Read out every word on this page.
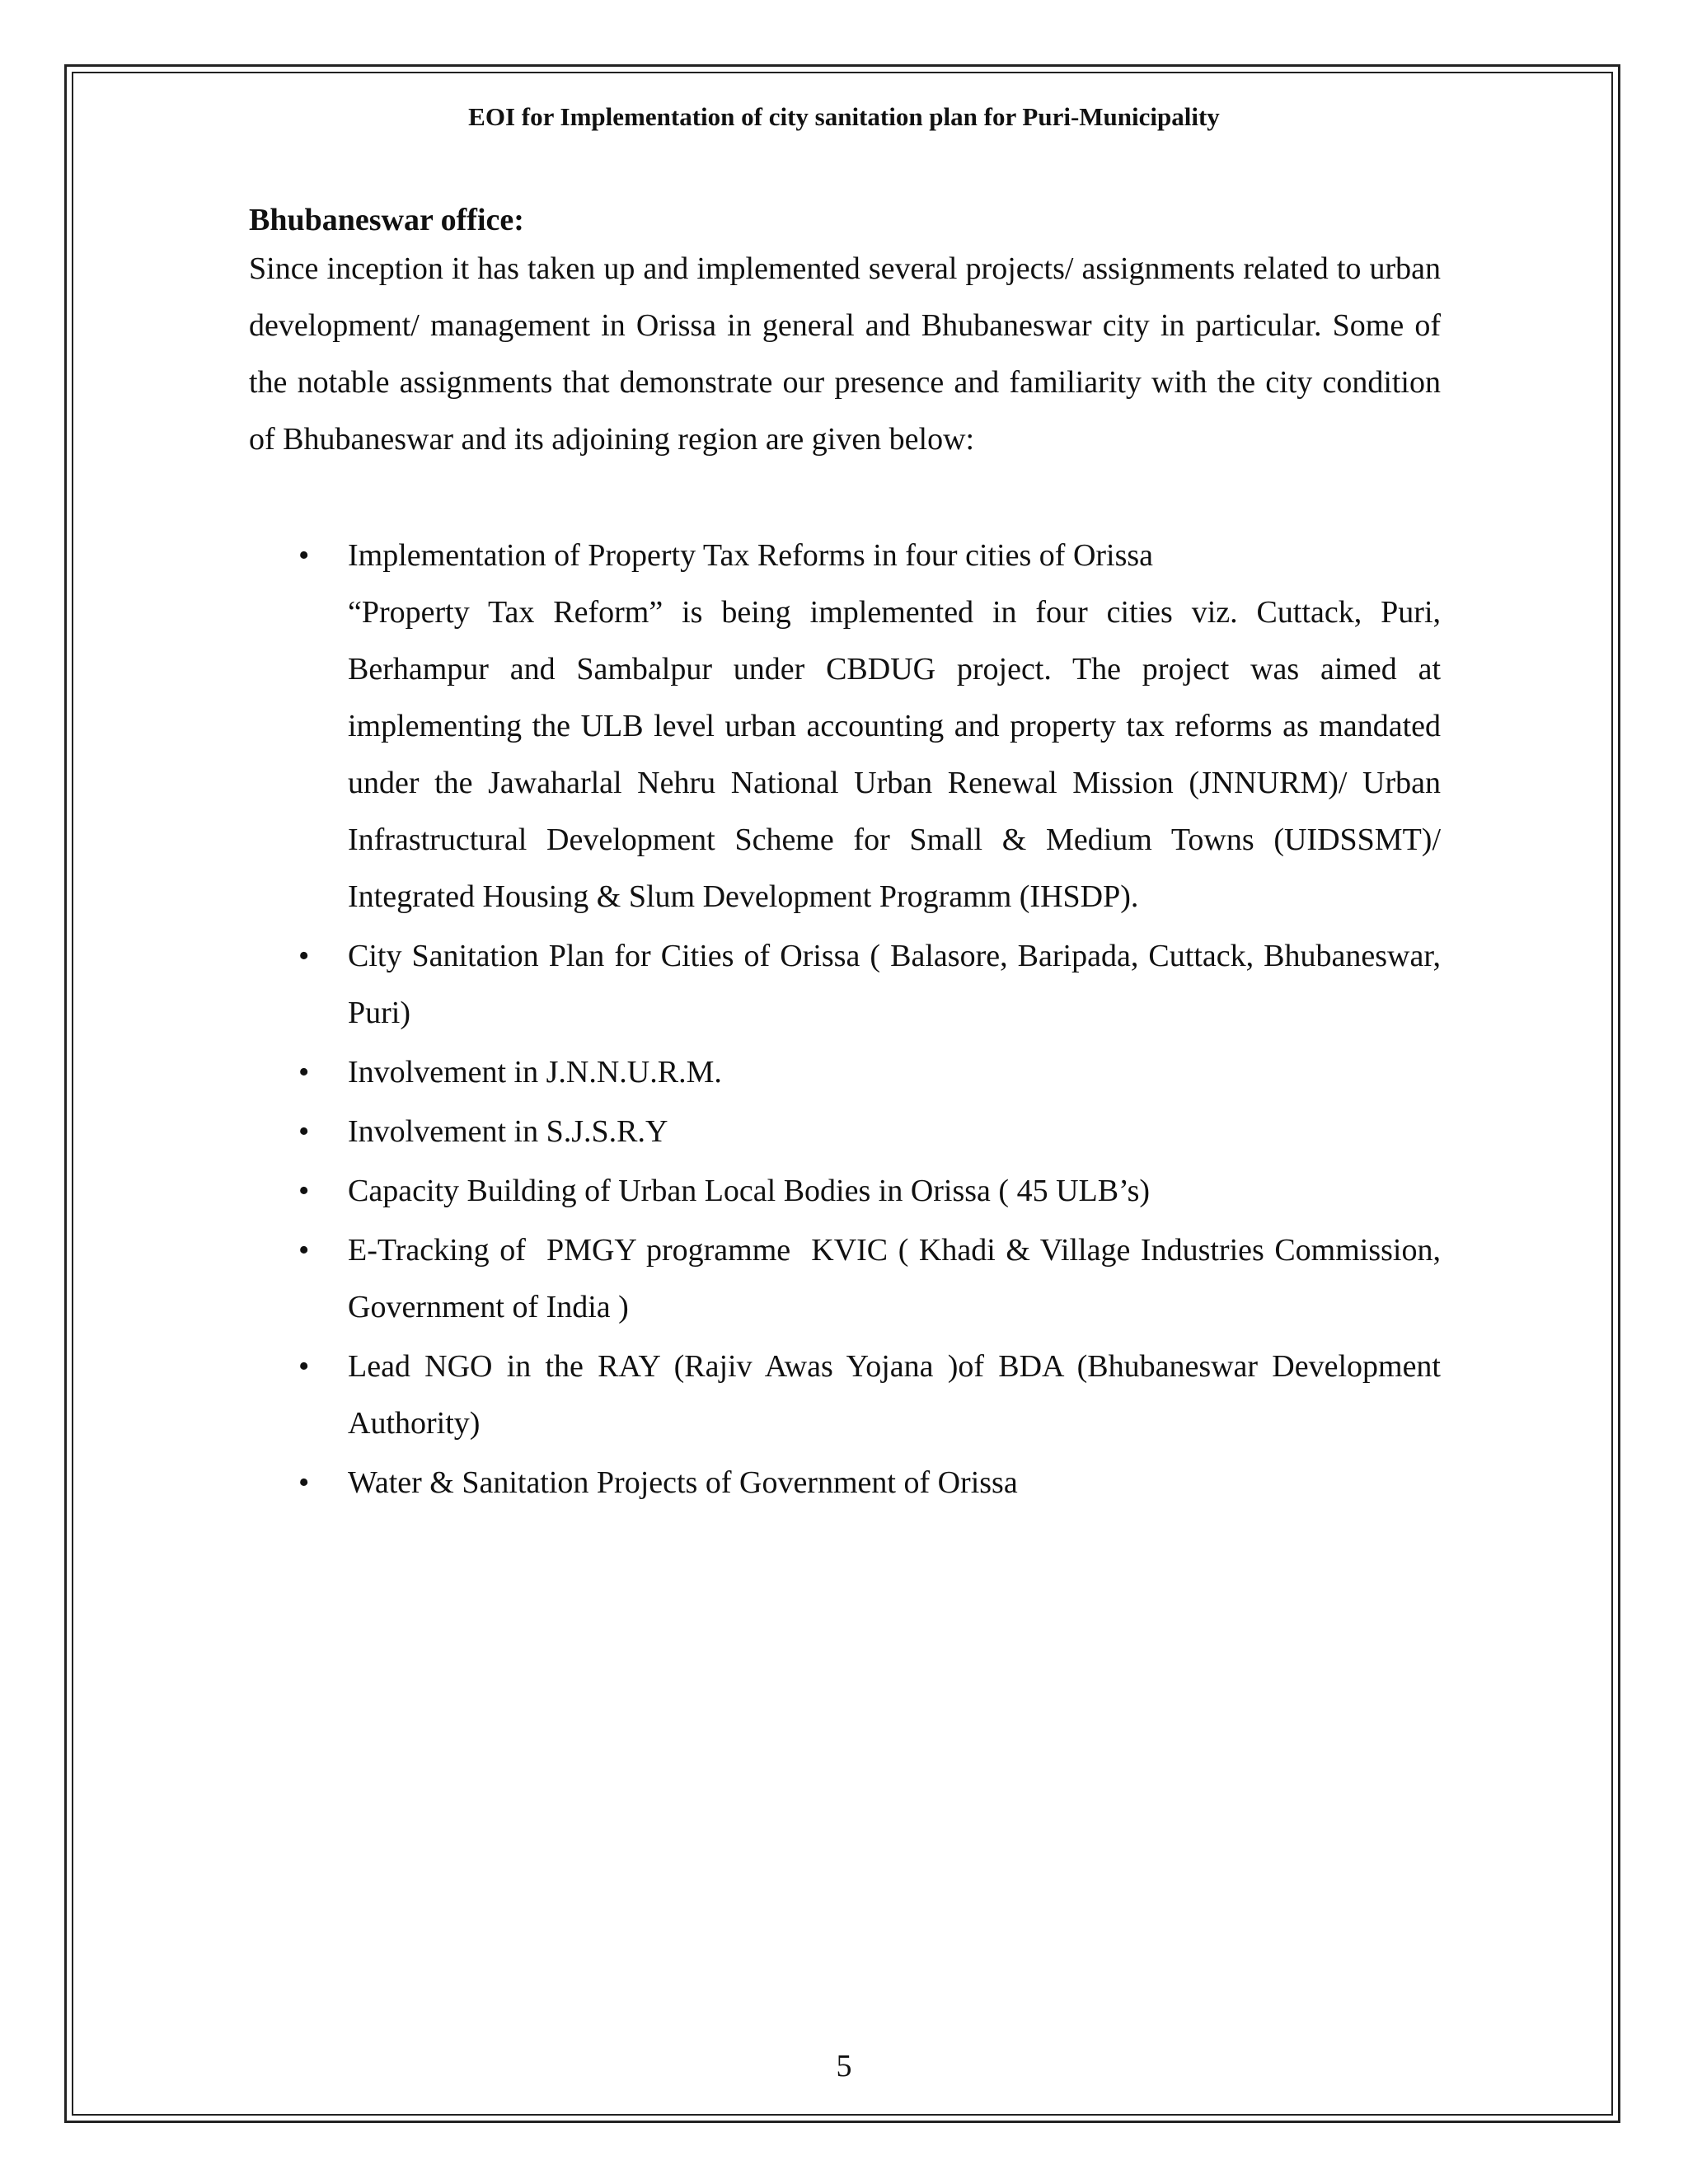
EOI for Implementation of city sanitation plan for Puri-Municipality

Bhubaneswar office:

Since inception it has taken up and implemented several projects/ assignments related to urban development/ management in Orissa in general and Bhubaneswar city in particular. Some of the notable assignments that demonstrate our presence and familiarity with the city condition of Bhubaneswar and its adjoining region are given below:

• Implementation of Property Tax Reforms in four cities of Orissa
“Property Tax Reform” is being implemented in four cities viz. Cuttack, Puri, Berhampur and Sambalpur under CBDUG project. The project was aimed at implementing the ULB level urban accounting and property tax reforms as mandated under the Jawaharlal Nehru National Urban Renewal Mission (JNNURM)/ Urban Infrastructural Development Scheme for Small & Medium Towns (UIDSSMT)/ Integrated Housing & Slum Development Programm (IHSDP).
• City Sanitation Plan for Cities of Orissa ( Balasore, Baripada, Cuttack, Bhubaneswar, Puri)
• Involvement in J.N.N.U.R.M.
• Involvement in S.J.S.R.Y
• Capacity Building of Urban Local Bodies in Orissa ( 45 ULB’s)
• E-Tracking of  PMGY programme  KVIC ( Khadi & Village Industries Commission, Government of India )
• Lead NGO in the RAY (Rajiv Awas Yojana )of BDA (Bhubaneswar Development Authority)
• Water & Sanitation Projects of Government of Orissa
5
